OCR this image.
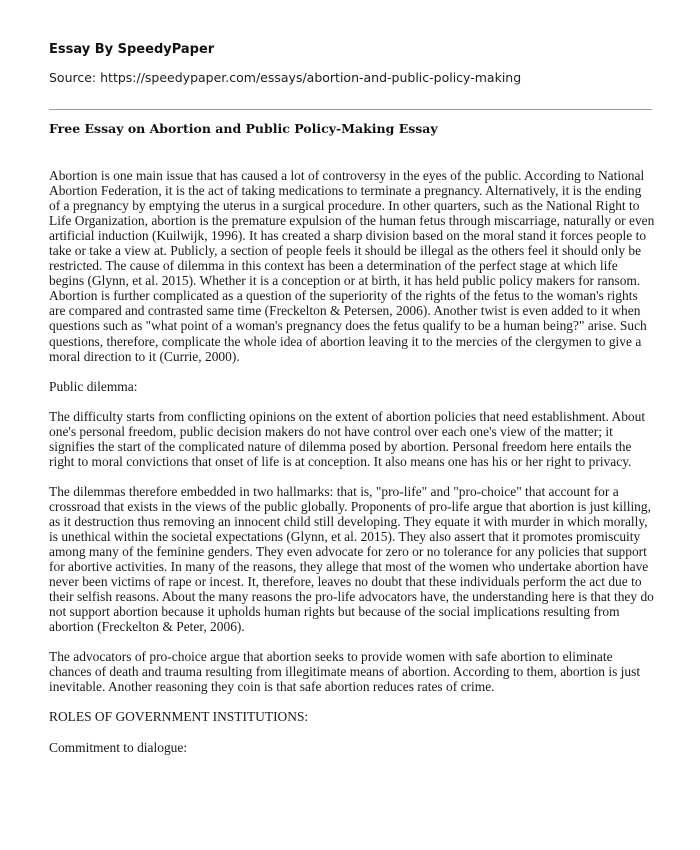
Essay By SpeedyPaper
Source: https://speedypaper.com/essays/abortion-and-public-policy-making
Free Essay on Abortion and Public Policy-Making Essay

Abortion is one main issue that has caused a lot of controversy in the eyes of the public. According to National Abortion Federation, it is the act of taking medications to terminate a pregnancy. Alternatively, it is the ending of a pregnancy by emptying the uterus in a surgical procedure. In other quarters, such as the National Right to Life Organization, abortion is the premature expulsion of the human fetus through miscarriage, naturally or even artificial induction (Kuilwijk, 1996). It has created a sharp division based on the moral stand it forces people to take or take a view at. Publicly, a section of people feels it should be illegal as the others feel it should only be restricted. The cause of dilemma in this context has been a determination of the perfect stage at which life begins (Glynn, et al. 2015). Whether it is a conception or at birth, it has held public policy makers for ransom. Abortion is further complicated as a question of the superiority of the rights of the fetus to the woman's rights are compared and contrasted same time (Freckelton & Petersen, 2006). Another twist is even added to it when questions such as "what point of a woman's pregnancy does the fetus qualify to be a human being?" arise. Such questions, therefore, complicate the whole idea of abortion leaving it to the mercies of the clergymen to give a moral direction to it (Currie, 2000).

Public dilemma:

The difficulty starts from conflicting opinions on the extent of abortion policies that need establishment. About one's personal freedom, public decision makers do not have control over each one's view of the matter; it signifies the start of the complicated nature of dilemma posed by abortion. Personal freedom here entails the right to moral convictions that onset of life is at conception. It also means one has his or her right to privacy.

The dilemmas therefore embedded in two hallmarks: that is, "pro-life" and "pro-choice" that account for a crossroad that exists in the views of the public globally. Proponents of pro-life argue that abortion is just killing, as it destruction thus removing an innocent child still developing. They equate it with murder in which morally, is unethical within the societal expectations (Glynn, et al. 2015). They also assert that it promotes promiscuity among many of the feminine genders. They even advocate for zero or no tolerance for any policies that support for abortive activities. In many of the reasons, they allege that most of the women who undertake abortion have never been victims of rape or incest. It, therefore, leaves no doubt that these individuals perform the act due to their selfish reasons. About the many reasons the pro-life advocators have, the understanding here is that they do not support abortion because it upholds human rights but because of the social implications resulting from abortion (Freckelton & Peter, 2006).

The advocators of pro-choice argue that abortion seeks to provide women with safe abortion to eliminate chances of death and trauma resulting from illegitimate means of abortion. According to them, abortion is just inevitable. Another reasoning they coin is that safe abortion reduces rates of crime.

ROLES OF GOVERNMENT INSTITUTIONS:

Commitment to dialogue:
